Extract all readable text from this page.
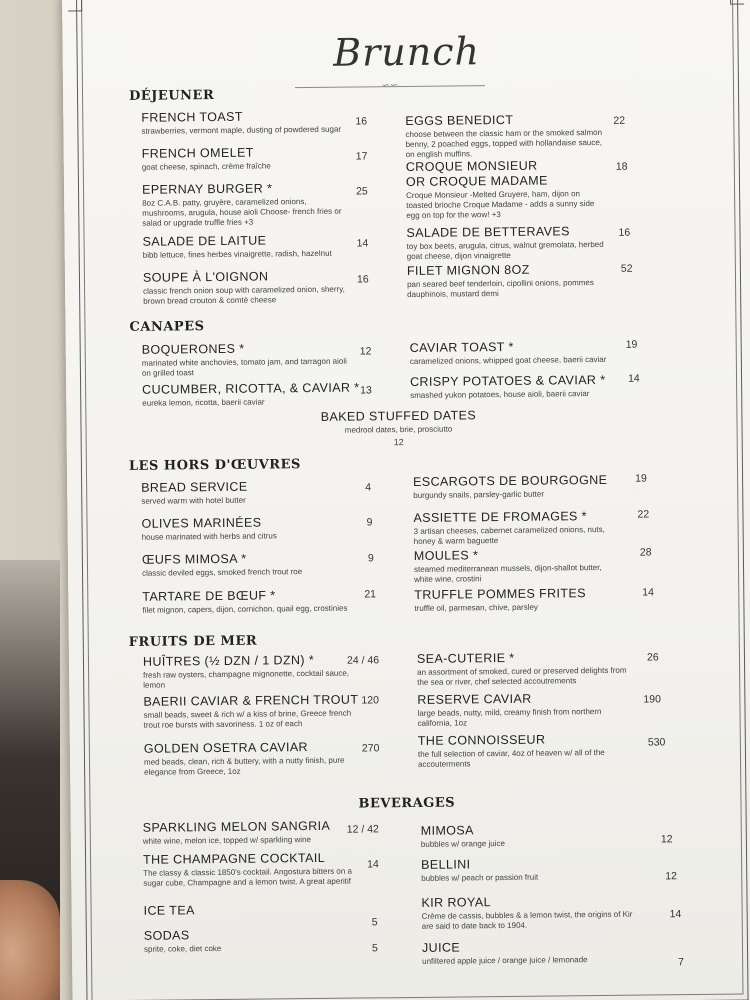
Brunch
∽∽
DÉJEUNER
FRENCH TOAST
strawberries, vermont maple, dusting of powdered sugar
16
FRENCH OMELET
goat cheese, spinach, crème fraîche
17
EPERNAY BURGER *
8oz C.A.B. patty, gruyère, caramelized onions, mushrooms, arugula, house aioli Choose- french fries or salad or upgrade truffle fries +3
25
SALADE DE LAITUE
bibb lettuce, fines herbes vinaigrette, radish, hazelnut
14
SOUPE À L'OIGNON
classic french onion soup with caramelized onion, sherry, brown bread crouton & comtè cheese
16
EGGS BENEDICT
choose between the classic ham or the smoked salmon benny, 2 poached eggs, topped with hollandaise sauce, on english muffins.
22
CROQUE MONSIEUR OR CROQUE MADAME
Croque Monsieur -Melted Gruyere, ham, dijon on toasted brioche Croque Madame - adds a sunny side egg on top for the wow! +3
18
SALADE DE BETTERAVES
toy box beets, arugula, citrus, walnut gremolata, herbed goat cheese, dijon vinaigrette
16
FILET MIGNON 8OZ
pan seared beef tenderloin, cipollini onions, pommes dauphinois, mustard demi
52
CANAPES
BOQUERONES *
marinated white anchovies, tomato jam, and tarragon aioli on grilled toast
12
CUCUMBER, RICOTTA, & CAVIAR *
eureka lemon, ricotta, baerii caviar
13
CAVIAR TOAST *
caramelized onions, whipped goat cheese, baerii caviar
19
CRISPY POTATOES & CAVIAR *
smashed yukon potatoes, house aioli, baerii caviar
14
BAKED STUFFED DATES
medrool dates, brie, prosciutto
12
LES HORS D'ŒUVRES
BREAD SERVICE
served warm with hotel butter
4
OLIVES MARINÉES
house marinated with herbs and citrus
9
ŒUFS MIMOSA *
classic deviled eggs, smoked french trout roe
9
TARTARE DE BŒUF *
filet mignon, capers, dijon, cornichon, quail egg, crostinies
21
ESCARGOTS DE BOURGOGNE
burgundy snails, parsley-garlic butter
19
ASSIETTE DE FROMAGES *
3 artisan cheeses, cabernet caramelized onions, nuts, honey & warm baguette
22
MOULES *
steamed mediterranean mussels, dijon-shallot butter, white wine, crostini
28
TRUFFLE POMMES FRITES
truffle oil, parmesan, chive, parsley
14
FRUITS DE MER
HUÎTRES (½ DZN / 1 DZN) *
fresh raw oysters, champagne mignonette, cocktail sauce, lemon
24 / 46
BAERII CAVIAR & FRENCH TROUT
small beads, sweet & rich w/ a kiss of brine, Greece french trout roe bursts with savoriness. 1 oz of each
120
GOLDEN OSETRA CAVIAR
med beads, clean, rich & buttery, with a nutty finish, pure elegance from Greece, 1oz
270
SEA-CUTERIE *
an assortment of smoked, cured or preserved delights from the sea or river, chef selected accoutrements
26
RESERVE CAVIAR
large beads, nutty, mild, creamy finish from northern california, 1oz
190
THE CONNOISSEUR
the full selection of caviar, 4oz of heaven w/ all of the accouterments
530
BEVERAGES
SPARKLING MELON SANGRIA
white wine, melon ice, topped w/ sparkling wine
12 / 42
THE CHAMPAGNE COCKTAIL
The classy & classic 1850's cocktail. Angostura bitters on a sugar cube, Champagne and a lemon twist. A great aperitif
14
ICE TEA
5
SODAS
sprite, coke, diet coke	5
MIMOSA
bubbles w/ orange juice	12
BELLINI
bubbles w/ peach or passion fruit	12
KIR ROYAL
Crème de cassis, bubbles & a lemon twist, the origins of Kir are said to date back to 1904.
14
JUICE
unfiltered apple juice / orange juice / lemonade	7
